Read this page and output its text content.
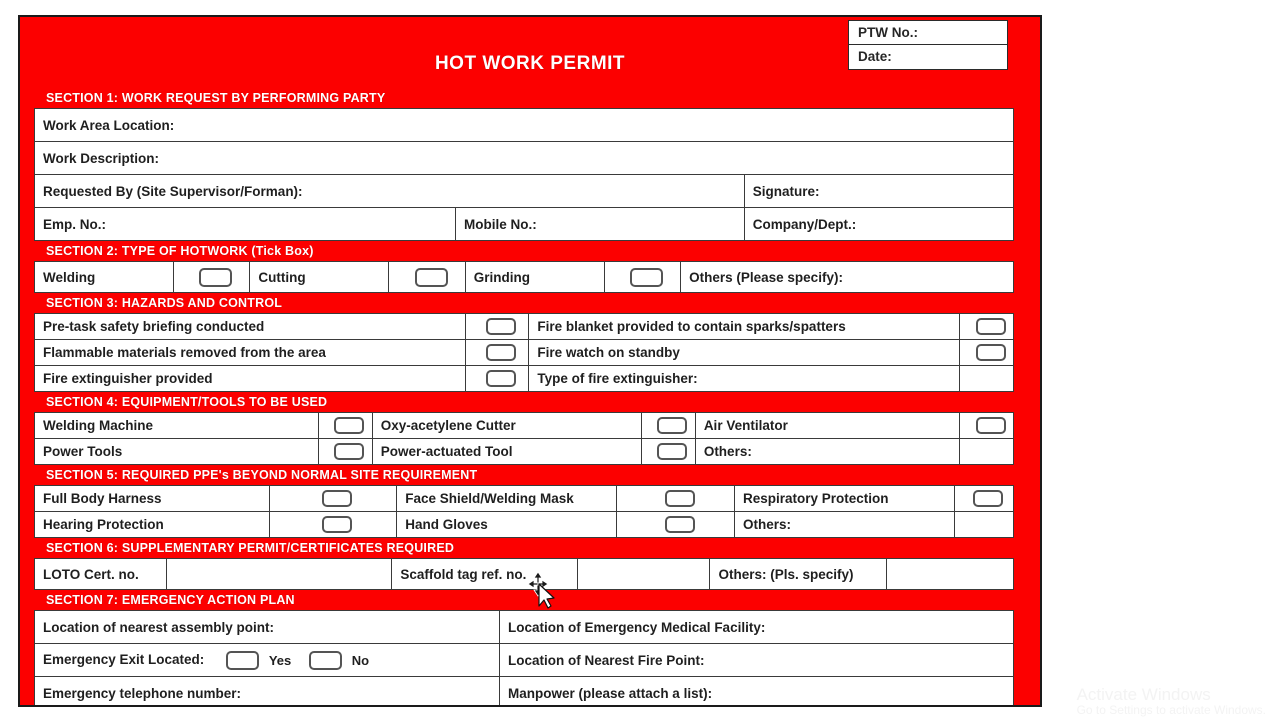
HOT WORK PERMIT
PTW No.:
Date:
SECTION 1: WORK REQUEST BY PERFORMING PARTY
Work Area Location:		
Work Description:		
Requested By (Site Supervisor/Forman):		Signature:
Emp. No.:	Mobile No.:	Company/Dept.:
SECTION 2: TYPE OF HOTWORK (Tick Box)
Welding		Cutting		Grinding		Others (Please specify):
SECTION 3: HAZARDS AND CONTROL
Pre-task safety briefing conducted		Fire blanket provided to contain sparks/spatters	
Flammable materials removed from the area		Fire watch on standby	
Fire extinguisher provided		Type of fire extinguisher:	
SECTION 4: EQUIPMENT/TOOLS TO BE USED
Welding Machine		Oxy-acetylene Cutter		Air Ventilator	
Power Tools		Power-actuated Tool		Others:	
SECTION 5: REQUIRED PPE's BEYOND NORMAL SITE REQUIREMENT
Full Body Harness		Face Shield/Welding Mask		Respiratory Protection	
Hearing Protection		Hand Gloves		Others:	
SECTION 6: SUPPLEMENTARY PERMIT/CERTIFICATES REQUIRED
LOTO Cert. no.		Scaffold tag ref. no.		Others: (Pls. specify)	
SECTION 7: EMERGENCY ACTION PLAN
Location of nearest assembly point:	Location of Emergency Medical Facility:
Emergency Exit Located: Yes No	Location of Nearest Fire Point:
Emergency telephone number:	Manpower (please attach a list):	Activate Windows
Go to Settings to activate Windows.
